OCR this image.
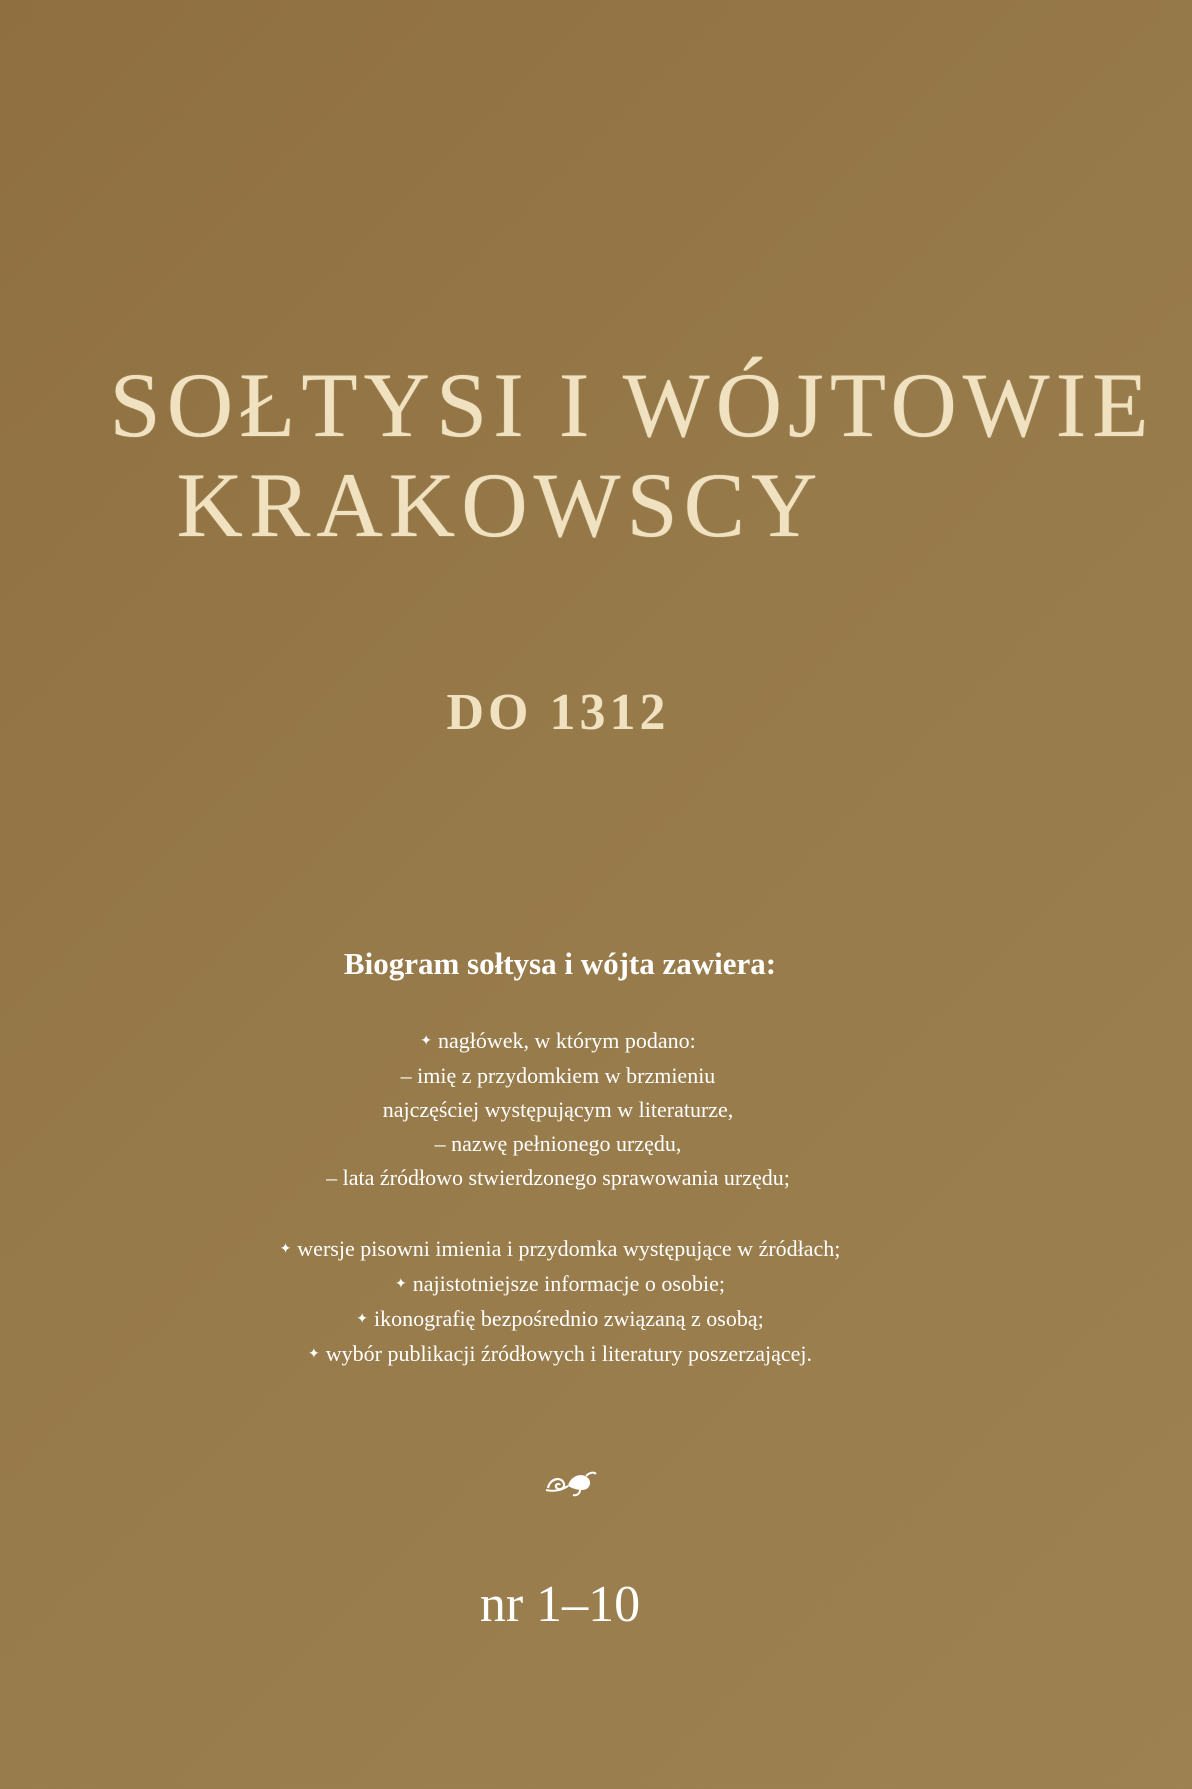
SOŁTYSI I WÓJTOWIE
KRAKOWSCY
DO 1312
Biogram sołtysa i wójta zawiera:
✦ nagłówek, w którym podano:
– imię z przydomkiem w brzmieniu
najczęściej występującym w literaturze,
– nazwę pełnionego urzędu,
– lata źródłowo stwierdzonego sprawowania urzędu;
✦ wersje pisowni imienia i przydomka występujące w źródłach;
✦ najistotniejsze informacje o osobie;
✦ ikonografię bezpośrednio związaną z osobą;
✦ wybór publikacji źródłowych i literatury poszerzającej.

nr 1–10
